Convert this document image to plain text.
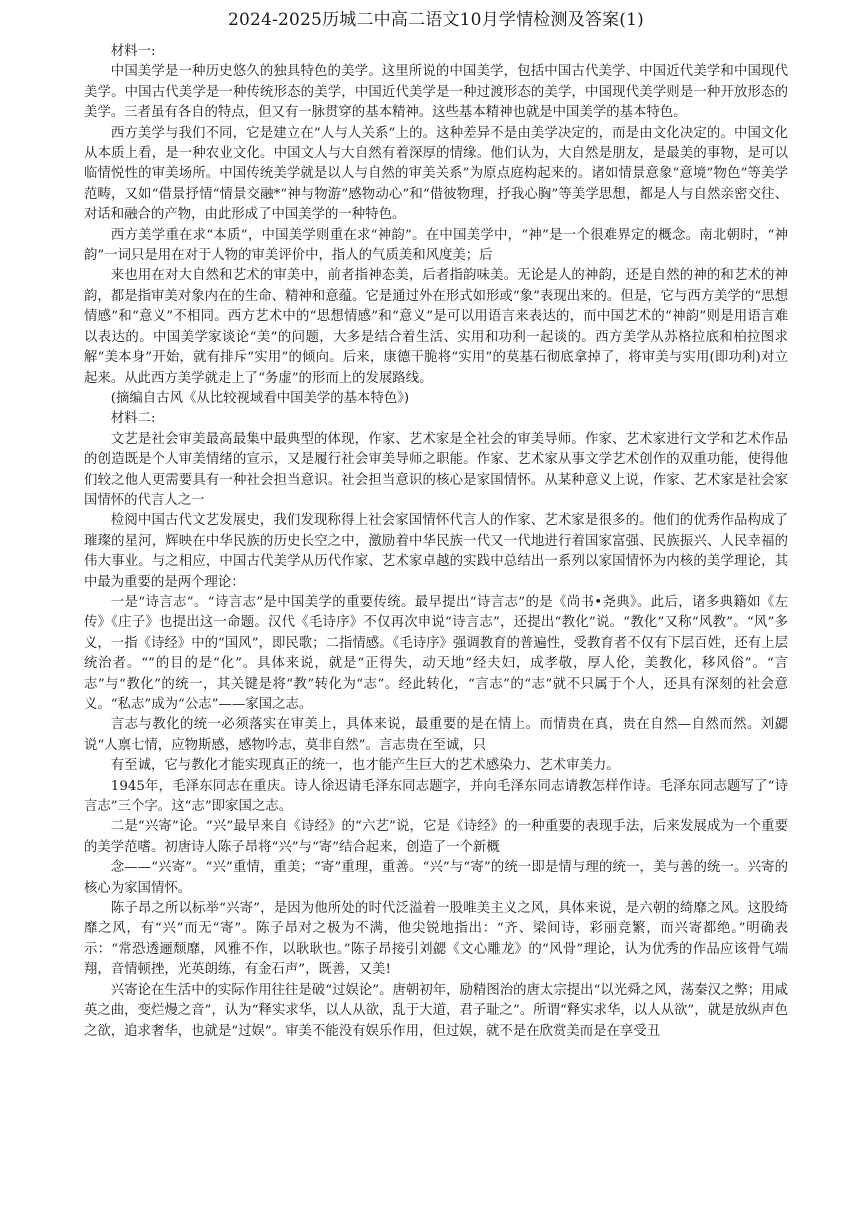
2024-2025历城二中高二语文10月学情检测及答案(1)

材料一:

中国美学是一种历史悠久的独具特色的美学。这里所说的中国美学，包括中国古代美学、中国近代美学和中国现代美学。中国古代美学是一种传统形态的美学，中国近代美学是一种过渡形态的美学，中国现代美学则是一种开放形态的美学。三者虽有各自的特点，但又有一脉贯穿的基本精神。这些基本精神也就是中国美学的基本特色。

西方美学与我们不同，它是建立在“人与人关系”上的。这种差异不是由美学决定的，而是由文化决定的。中国文化从本质上看，是一种农业文化。中国文人与大自然有着深厚的情缘。他们认为，大自然是朋友，是最美的事物，是可以临情悦性的审美场所。中国传统美学就是以人与自然的审美关系”为原点庭构起来的。诸如情景意象“意境”物色”等美学范畴，又如“借景抒情“情景交融*“神与物游”感物动心”和“借彼物理，抒我心胸”等美学思想，都是人与自然亲密交往、对话和融合的产物，由此形成了中国美学的一种特色。

西方美学重在求“本质”，中国美学则重在求“神韵”。在中国美学中，“神”是一个很难界定的概念。南北朝时，“神韵”一词只是用在对于人物的审美评价中，指人的气质美和风度美；后

来也用在对大自然和艺术的审美中，前者指神态美，后者指韵味美。无论是人的神韵，还是自然的神的和艺术的神韵，都是指审美对象内在的生命、精神和意蕴。它是通过外在形式如形或“象”表现出来的。但是，它与西方美学的“思想情感”和“意义”不相同。西方艺术中的“思想情感”和“意义”是可以用语言来表达的，而中国艺术的“神韵”则是用语言难以表达的。中国美学家谈论“美”的问题，大多是结合着生活、实用和功利一起谈的。西方美学从苏格拉底和柏拉图求解“美本身”开始，就有排斥“实用”的倾向。后来，康德干脆将“实用”的莫基石彻底拿掉了，将审美与实用(即功利)对立起来。从此西方美学就走上了“务虚”的形而上的发展路线。

(摘编自古风《从比较视域看中国美学的基本特色》)

材料二:

文艺是社会审美最高最集中最典型的体现，作家、艺术家是全社会的审美导师。作家、艺术家进行文学和艺术作品的创造既是个人审美情绪的宣示，又是履行社会审美导师之职能。作家、艺术家从事文学艺术创作的双重功能，使得他们较之他人更需要具有一种社会担当意识。社会担当意识的核心是家国情怀。从某种意义上说，作家、艺术家是社会家国情怀的代言人之一

检阅中国古代文艺发展史，我们发现称得上社会家国情怀代言人的作家、艺术家是很多的。他们的优秀作品构成了璀璨的星河，辉映在中华民族的历史长空之中，激励着中华民族一代又一代地进行着国家富强、民族振兴、人民幸福的伟大事业。与之相应，中国古代美学从历代作家、艺术家卓越的实践中总结出一系列以家国情怀为内核的美学理论，其中最为重要的是两个理论：

一是“诗言志”。“诗言志”是中国美学的重要传统。最早提出“诗言志”的是《尚书•尧典》。此后，诸多典籍如《左传》《庄子》也提出这一命题。汉代《毛诗序》不仅再次申说“诗言志”，还提出“教化”说。“教化”又称“风教”。“风”多义，一指《诗经》中的“国风”，即民歌；二指情感。《毛诗序》强调教育的普遍性，受教育者不仅有下层百姓，还有上层统治者。“”的目的是“化”。具体来说，就是“正得失，动天地“经夫妇，成孝敬，厚人伦，美教化，移风俗”。“言志”与“教化”的统一，其关键是将“教”转化为“志”。经此转化，“言志”的“志”就不只属于个人，还具有深刻的社会意义。“私志”成为“公志”——家国之志。

言志与教化的统一必须落实在审美上，具体来说，最重要的是在情上。而情贵在真，贵在自然—自然而然。刘勰说“人禀七情，应物斯感，感物吟志，莫非自然”。言志贵在至诚，只

有至诚，它与教化才能实现真正的统一，也才能产生巨大的艺术感染力、艺术审美力。

1945年，毛泽东同志在重庆。诗人徐迟请毛泽东同志题字，并向毛泽东同志请教怎样作诗。毛泽东同志题写了“诗言志”三个字。这“志”即家国之志。

二是“兴寄”论。“兴”最早来自《诗经》的“六艺”说，它是《诗经》的一种重要的表现手法，后来发展成为一个重要的美学范嗜。初唐诗人陈子昂将“兴”与“寄”结合起来，创造了一个新概

念——“兴寄”。“兴”重情，重美；“寄”重理，重善。“兴”与“寄”的统一即是情与理的统一，美与善的统一。兴寄的核心为家国情怀。

陈子昂之所以标举“兴寄”，是因为他所处的时代泛溢着一股唯美主义之风，具体来说，是六朝的绮靡之风。这股绮靡之风，有“兴”而无“寄”。陈子昂对之极为不满，他尖锐地指出：“齐、梁间诗，彩丽竞繁，而兴寄都绝。”明确表示：“常恐透逦颓靡，风雅不作，以耿耿也。”陈子昂接引刘勰《文心雕龙》的“风骨”理论，认为优秀的作品应该骨气端翔，音情顿挫，光英朗练，有金石声”，既善，又美!

兴寄论在生活中的实际作用往往是破“过娱论”。唐朝初年，励精图治的唐太宗提出“以光舜之风，荡秦汉之弊；用咸英之曲，变烂熳之音”，认为“释实求华，以人从欲，乱于大道，君子耻之”。所谓“释实求华，以人从欲”，就是放纵声色之欲，追求奢华，也就是“过娱”。审美不能没有娱乐作用，但过娱，就不是在欣赏美而是在享受丑
